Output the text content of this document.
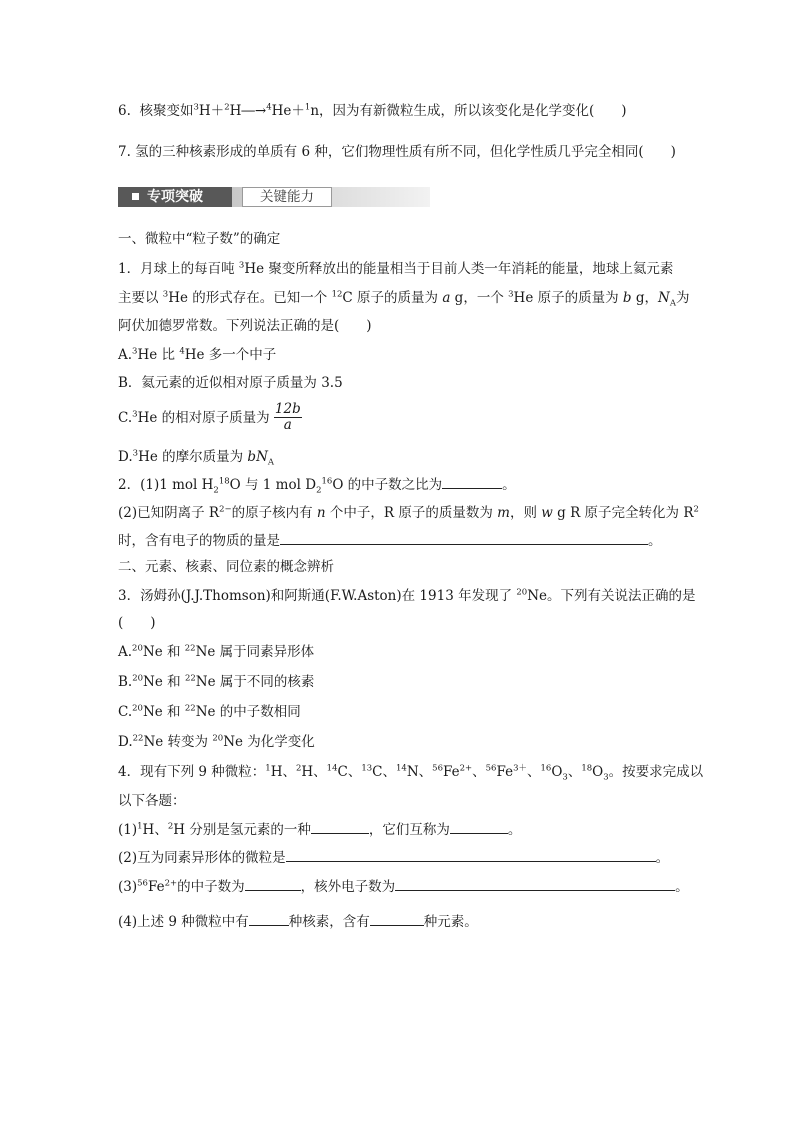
6. 核聚变如$^3$H＋$^2$H―→$^4$He＋$^1$n，因为有新微粒生成，所以该变化是化学变化(　　)
7. 氢的三种核素形成的单质有 6 种，它们物理性质有所不同，但化学性质几乎完全相同(　　)
专项突破	关键能力
一、微粒中“粒子数”的确定
1．月球上的每百吨 $^3$He 聚变所释放出的能量相当于目前人类一年消耗的能量，地球上氦元素
主要以 $^3$He 的形式存在。已知一个 $^{12}$C 原子的质量为 a g，一个 $^3$He 原子的质量为 b g，$N_A$为
阿伏加德罗常数。下列说法正确的是(　　)
A.$^3$He 比 $^4$He 多一个中子
B．氦元素的近似相对原子质量为 3.5
C.$^3$He 的相对原子质量为 $\frac{12b}{a}$
D.$^3$He 的摩尔质量为 $bN_A$
2．(1)1 mol $H_2^{18}O$ 与 1 mol $D_2^{16}O$ 的中子数之比为	。
(2)已知阴离子 $R^{2-}$的原子核内有 n 个中子，R 原子的质量数为 m，则 w g R 原子完全转化为 $R^2$
时，含有电子的物质的量是	。
二、元素、核素、同位素的概念辨析
3．汤姆孙(J.J.Thomson)和阿斯通(F.W.Aston)在 1913 年发现了 $^{20}$Ne。下列有关说法正确的是
(　　)
A.$^{20}$Ne 和 $^{22}$Ne 属于同素异形体
B.$^{20}$Ne 和 $^{22}$Ne 属于不同的核素
C.$^{20}$Ne 和 $^{22}$Ne 的中子数相同
D.$^{22}$Ne 转变为 $^{20}$Ne 为化学变化
4．现有下列 9 种微粒：$^1$H、$^2$H、$^{14}$C、$^{13}$C、$^{14}$N、$^{56}Fe^{2+}$、$^{56}Fe^{3+}$、$^{16}O_3$、$^{18}O_3$。按要求完成以
以下各题：
$(1)^1H$、$^2$H 分别是氢元素的一种	，它们互称为	。
(2)互为同素异形体的微粒是	。
$(3)^{56}Fe^{2+}$的中子数为	，核外电子数为	。
(4)上述 9 种微粒中有	种核素，含有	种元素。
